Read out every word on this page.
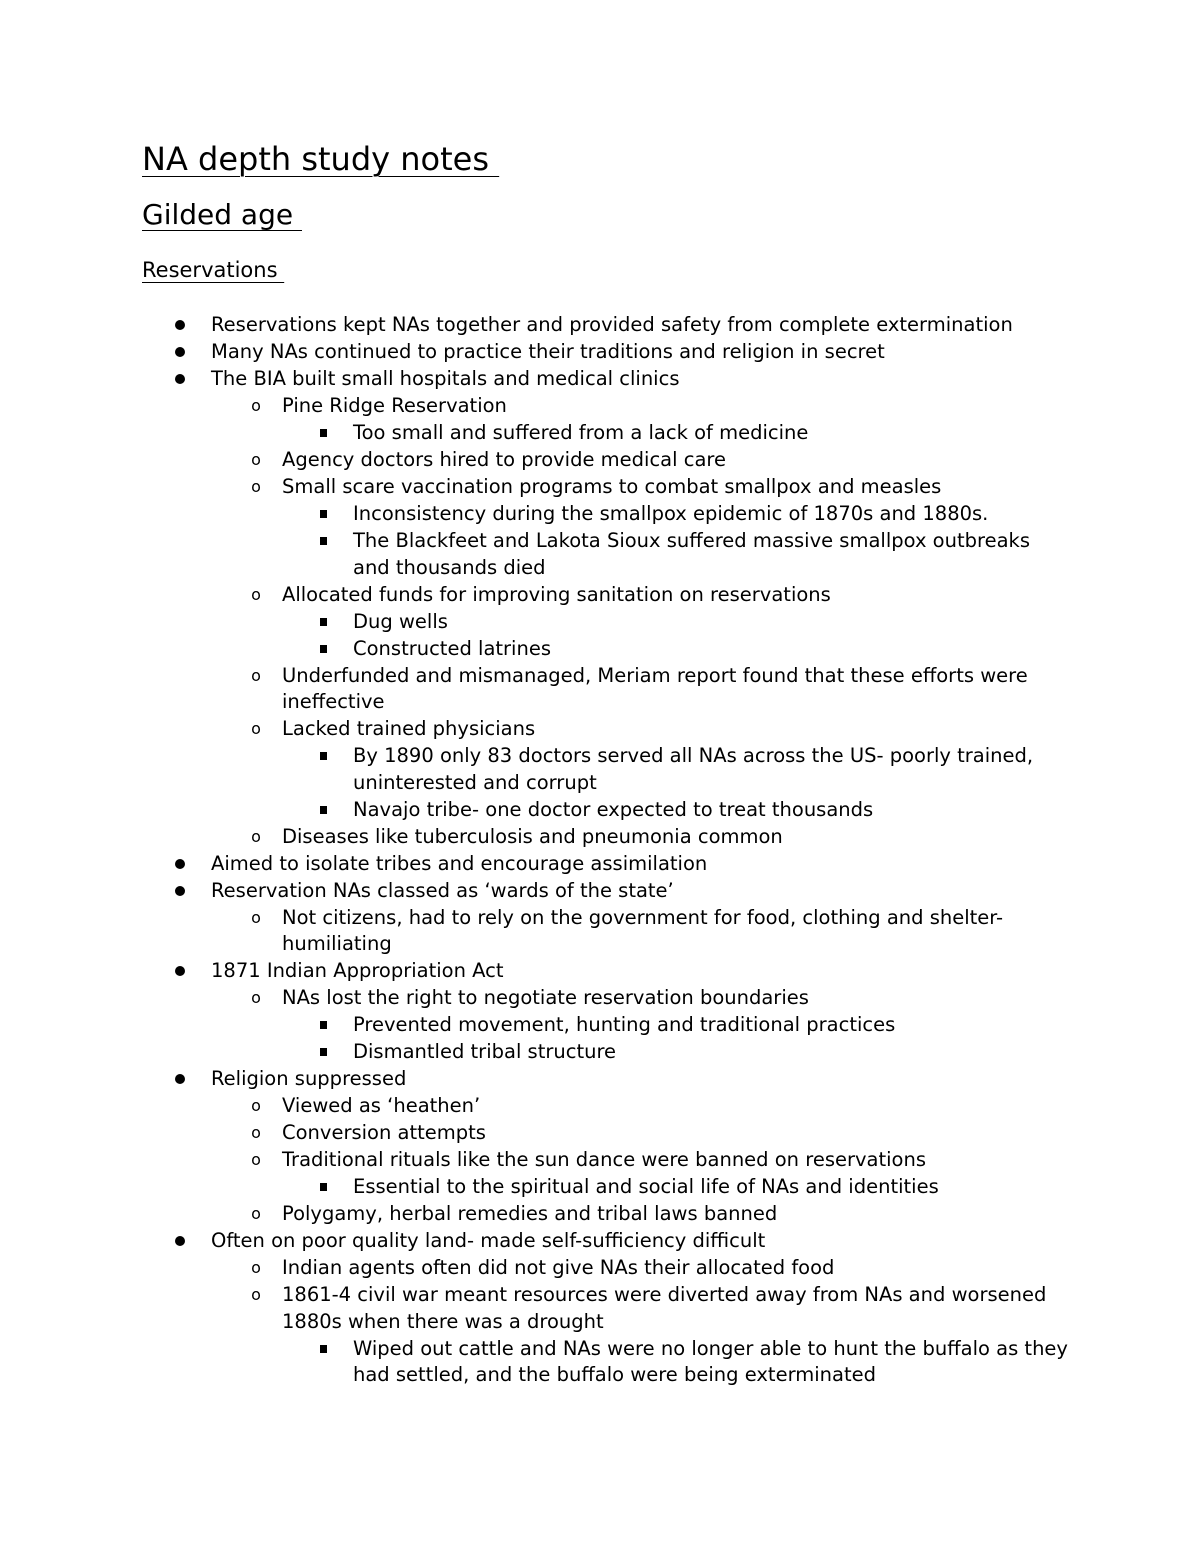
NA depth study notes
Gilded age
Reservations
Reservations kept NAs together and provided safety from complete extermination
Many NAs continued to practice their traditions and religion in secret
The BIA built small hospitals and medical clinics
o Pine Ridge Reservation
Too small and suffered from a lack of medicine
o Agency doctors hired to provide medical care
o Small scare vaccination programs to combat smallpox and measles
Inconsistency during the smallpox epidemic of 1870s and 1880s.
The Blackfeet and Lakota Sioux suffered massive smallpox outbreaks and thousands died
o Allocated funds for improving sanitation on reservations
Dug wells
Constructed latrines
o Underfunded and mismanaged, Meriam report found that these efforts were ineffective
o Lacked trained physicians
By 1890 only 83 doctors served all NAs across the US- poorly trained, uninterested and corrupt
Navajo tribe- one doctor expected to treat thousands
o Diseases like tuberculosis and pneumonia common
Aimed to isolate tribes and encourage assimilation
Reservation NAs classed as ‘wards of the state’
o Not citizens, had to rely on the government for food, clothing and shelter- humiliating
1871 Indian Appropriation Act
o NAs lost the right to negotiate reservation boundaries
Prevented movement, hunting and traditional practices
Dismantled tribal structure
Religion suppressed
o Viewed as ‘heathen’
o Conversion attempts
o Traditional rituals like the sun dance were banned on reservations
Essential to the spiritual and social life of NAs and identities
o Polygamy, herbal remedies and tribal laws banned
Often on poor quality land- made self-sufficiency difficult
o Indian agents often did not give NAs their allocated food
o 1861-4 civil war meant resources were diverted away from NAs and worsened 1880s when there was a drought
Wiped out cattle and NAs were no longer able to hunt the buffalo as they had settled, and the buffalo were being exterminated
